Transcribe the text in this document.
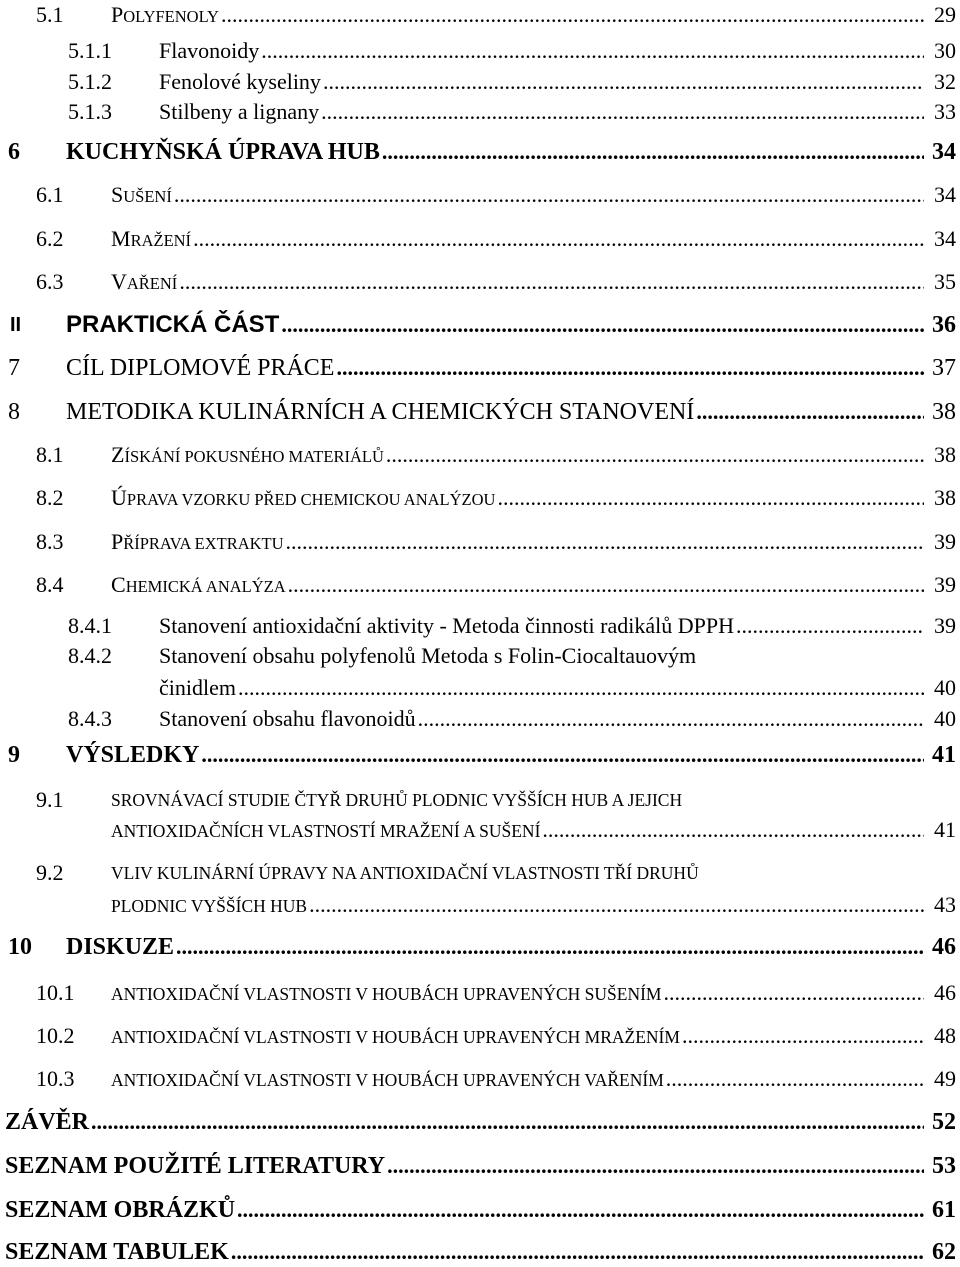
5.1 POLYFENOLY .....	29
5.1.1 Flavonoidy .....	30
5.1.2 Fenolové kyseliny .....	32
5.1.3 Stilbeny a lignany .....	33
6 KUCHYŇSKÁ ÚPRAVA HUB .....	34
6.1 SUŠENÍ .....	34
6.2 MRAŽENÍ .....	34
6.3 VAŘENÍ .....	35
II PRAKTICKÁ ČÁST .....	36
7 CÍL DIPLOMOVÉ PRÁCE .....	37
8 METODIKA KULINÁRNÍCH A CHEMICKÝCH STANOVENÍ .....	38
8.1 ZÍSKÁNÍ POKUSNÉHO MATERIÁLŮ .....	38
8.2 ÚPRAVA VZORKU PŘED CHEMICKOU ANALÝZOU .....	38
8.3 PŘÍPRAVA EXTRAKTU .....	39
8.4 CHEMICKÁ ANALÝZA .....	39
8.4.1 Stanovení antioxidační aktivity - Metoda činnosti radikálů DPPH .....	39
8.4.2 Stanovení obsahu polyfenolů Metoda s Folin-Ciocaltauovým
činidlem .....	40
8.4.3 Stanovení obsahu flavonoidů .....	40
9 VÝSLEDKY .....	41
9.1	SROVNÁVACÍ STUDIE ČTYŘ DRUHŮ PLODNIC VYŠŠÍCH HUB A JEJICH
ANTIOXIDAČNÍCH VLASTNOSTÍ MRAŽENÍ A SUŠENÍ .....	41
9.2	VLIV KULINÁRNÍ ÚPRAVY NA ANTIOXIDAČNÍ VLASTNOSTI TŘÍ DRUHŮ
PLODNIC VYŠŠÍCH HUB .....	43
10 DISKUZE .....	46
10.1 ANTIOXIDAČNÍ VLASTNOSTI V HOUBÁCH UPRAVENÝCH SUŠENÍM .....	46
10.2 ANTIOXIDAČNÍ VLASTNOSTI V HOUBÁCH UPRAVENÝCH MRAŽENÍM .....	48
10.3 ANTIOXIDAČNÍ VLASTNOSTI V HOUBÁCH UPRAVENÝCH VAŘENÍM .....	49
ZÁVĚR .....	52
SEZNAM POUŽITÉ LITERATURY .....	53
SEZNAM OBRÁZKŮ .....	61
SEZNAM TABULEK .....	62
